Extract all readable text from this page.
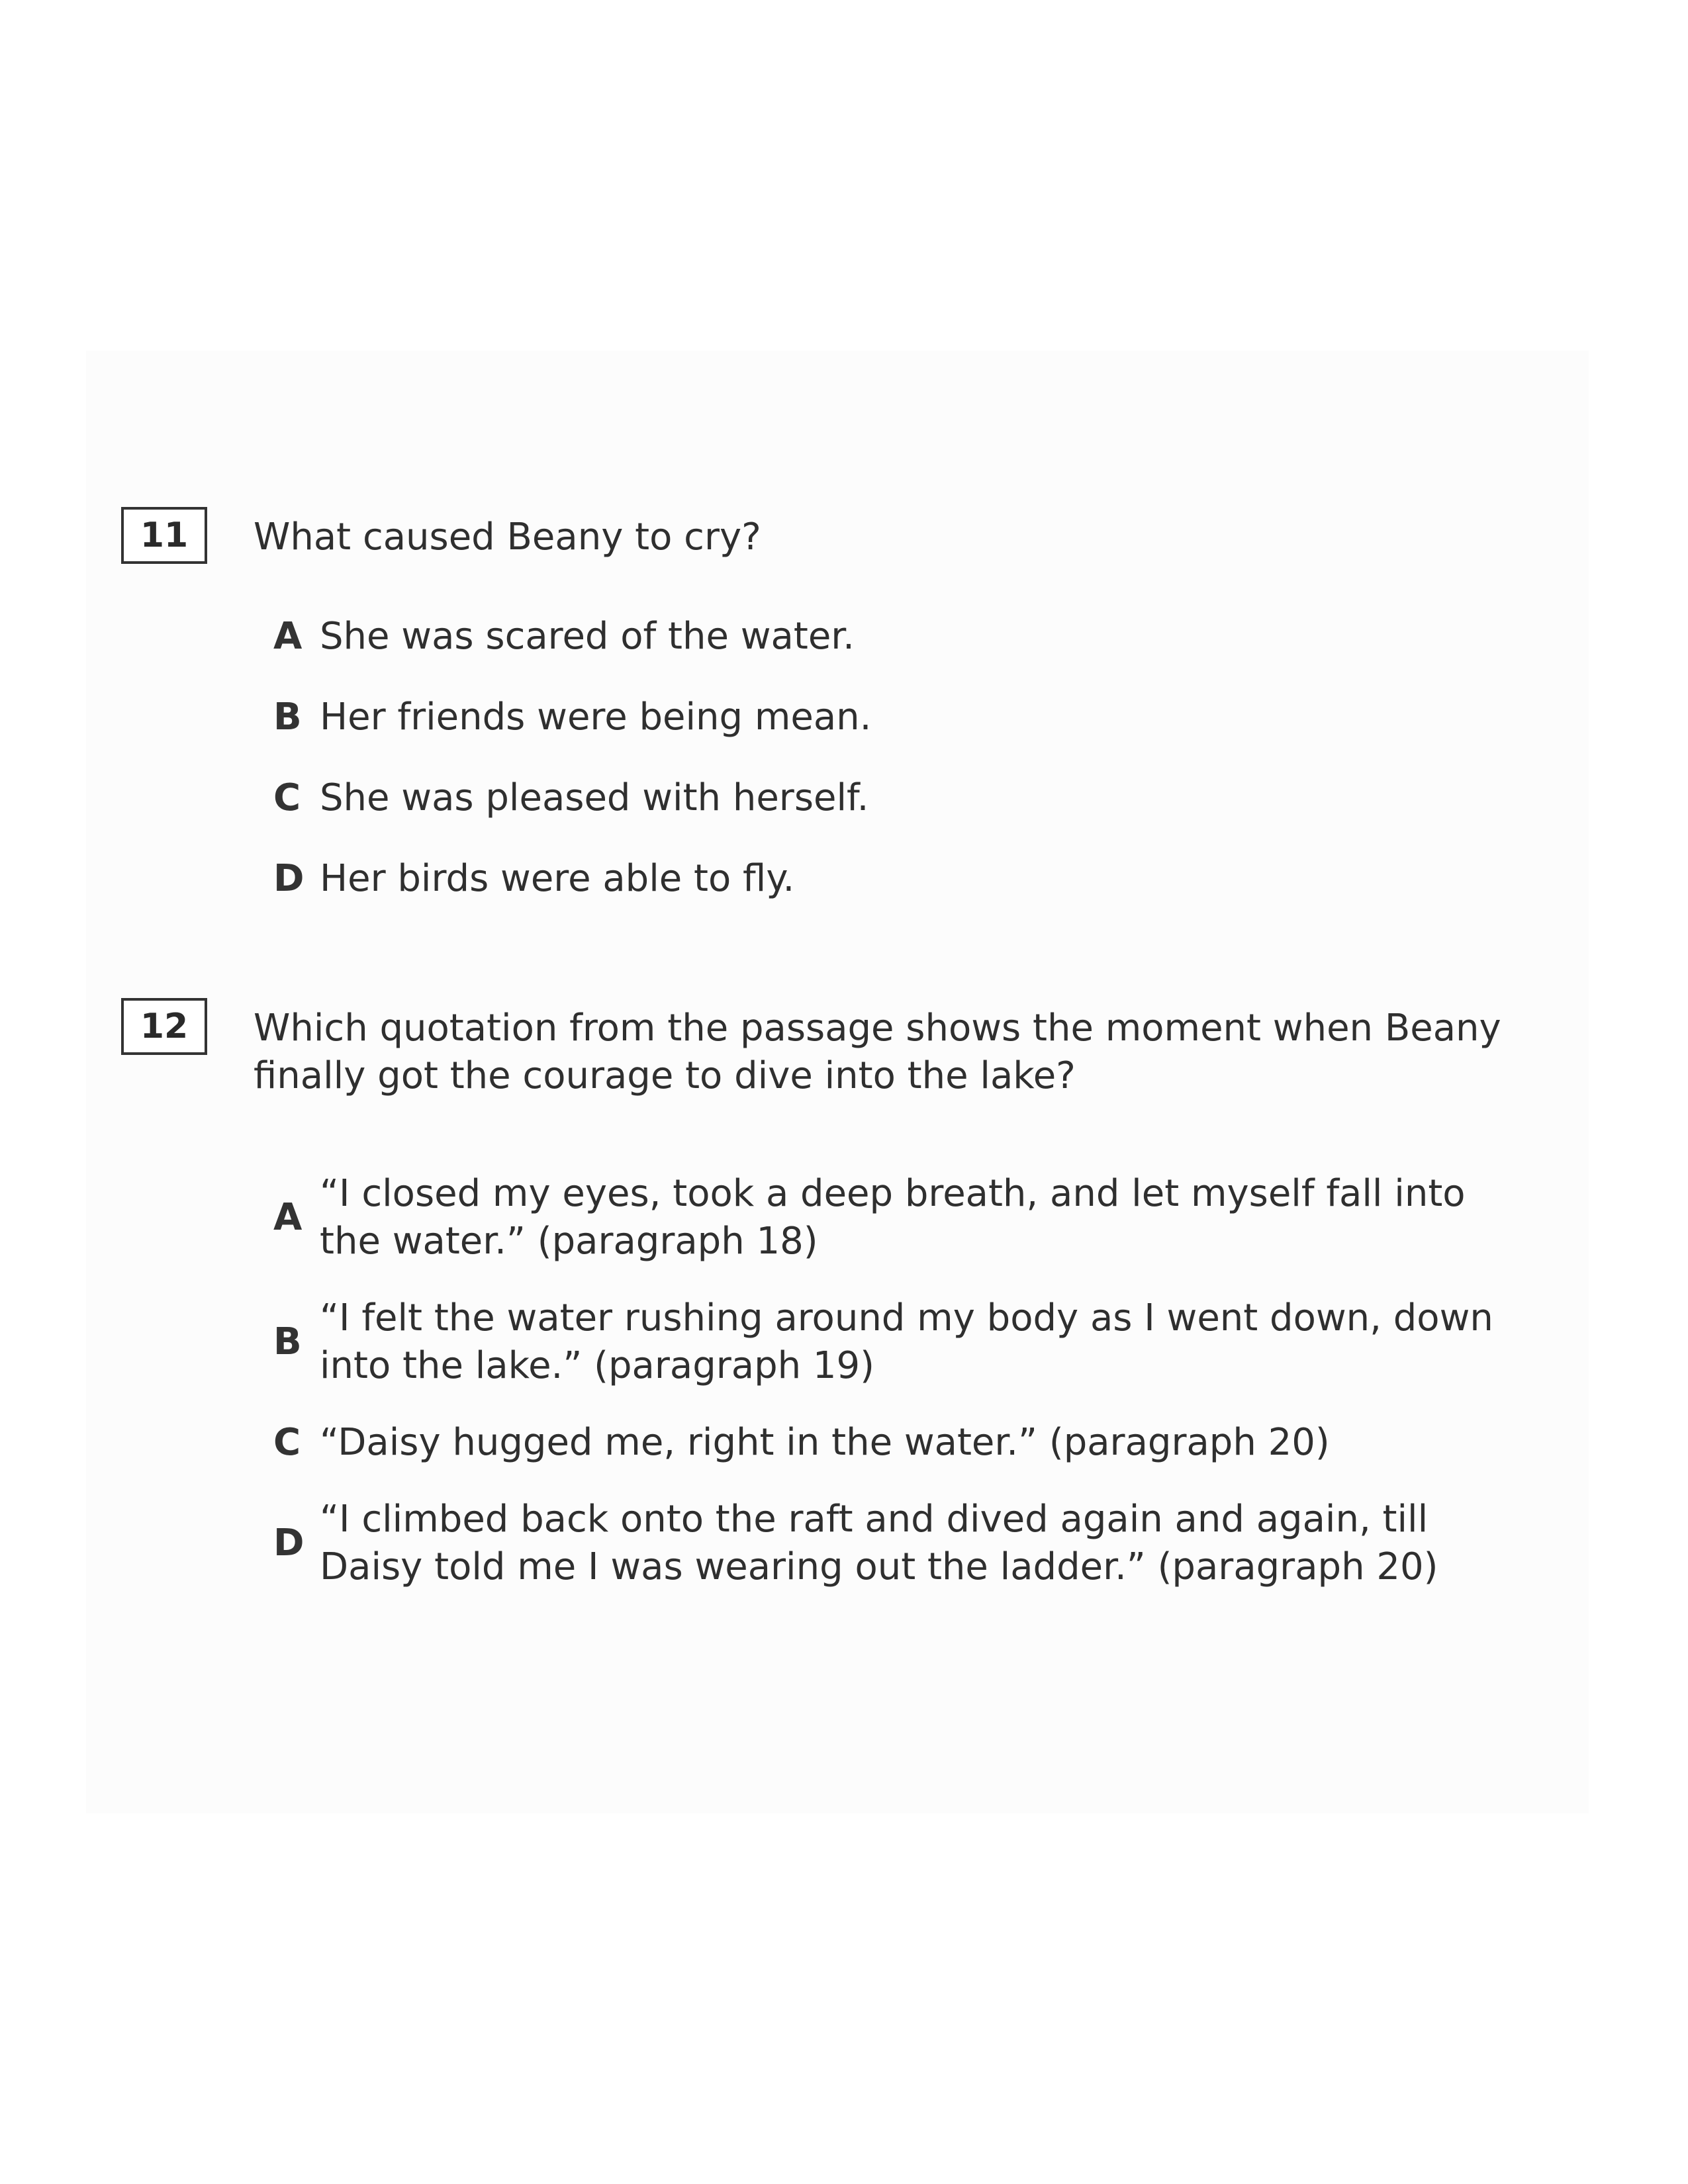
11	What caused Beany to cry?

A She was scared of the water.
B Her friends were being mean.
C She was pleased with herself.
D Her birds were able to fly.
12	Which quotation from the passage shows the moment when Beany finally got the courage to dive into the lake?

A
“I closed my eyes, took a deep breath, and let myself fall into the water.” (paragraph 18)
B
“I felt the water rushing around my body as I went down, down into the lake.” (paragraph 19)
C “Daisy hugged me, right in the water.” (paragraph 20)
D
“I climbed back onto the raft and dived again and again, till Daisy told me I was wearing out the ladder.” (paragraph 20)
